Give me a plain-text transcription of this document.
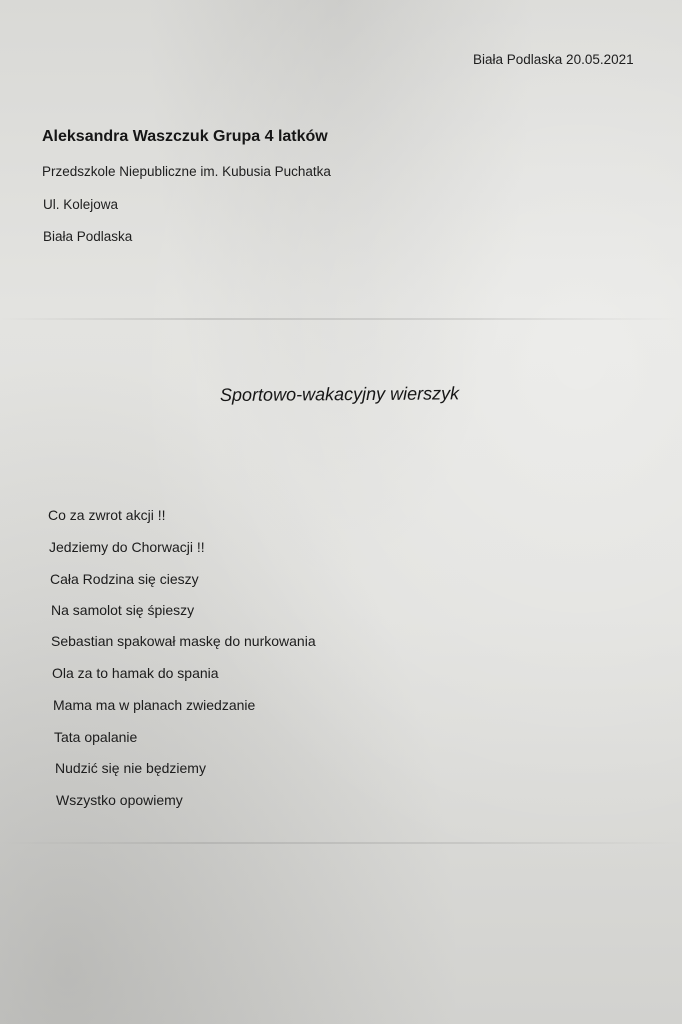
Biała Podlaska 20.05.2021
Aleksandra Waszczuk Grupa 4 latków
Przedszkole Niepubliczne im. Kubusia Puchatka
Ul. Kolejowa
Biała Podlaska
Sportowo-wakacyjny wierszyk
Co za zwrot akcji !!
Jedziemy do Chorwacji !!
Cała Rodzina się cieszy
Na samolot się śpieszy
Sebastian spakował maskę do nurkowania
Ola za to hamak do spania
Mama ma w planach zwiedzanie
Tata opalanie
Nudzić się nie będziemy
Wszystko opowiemy
